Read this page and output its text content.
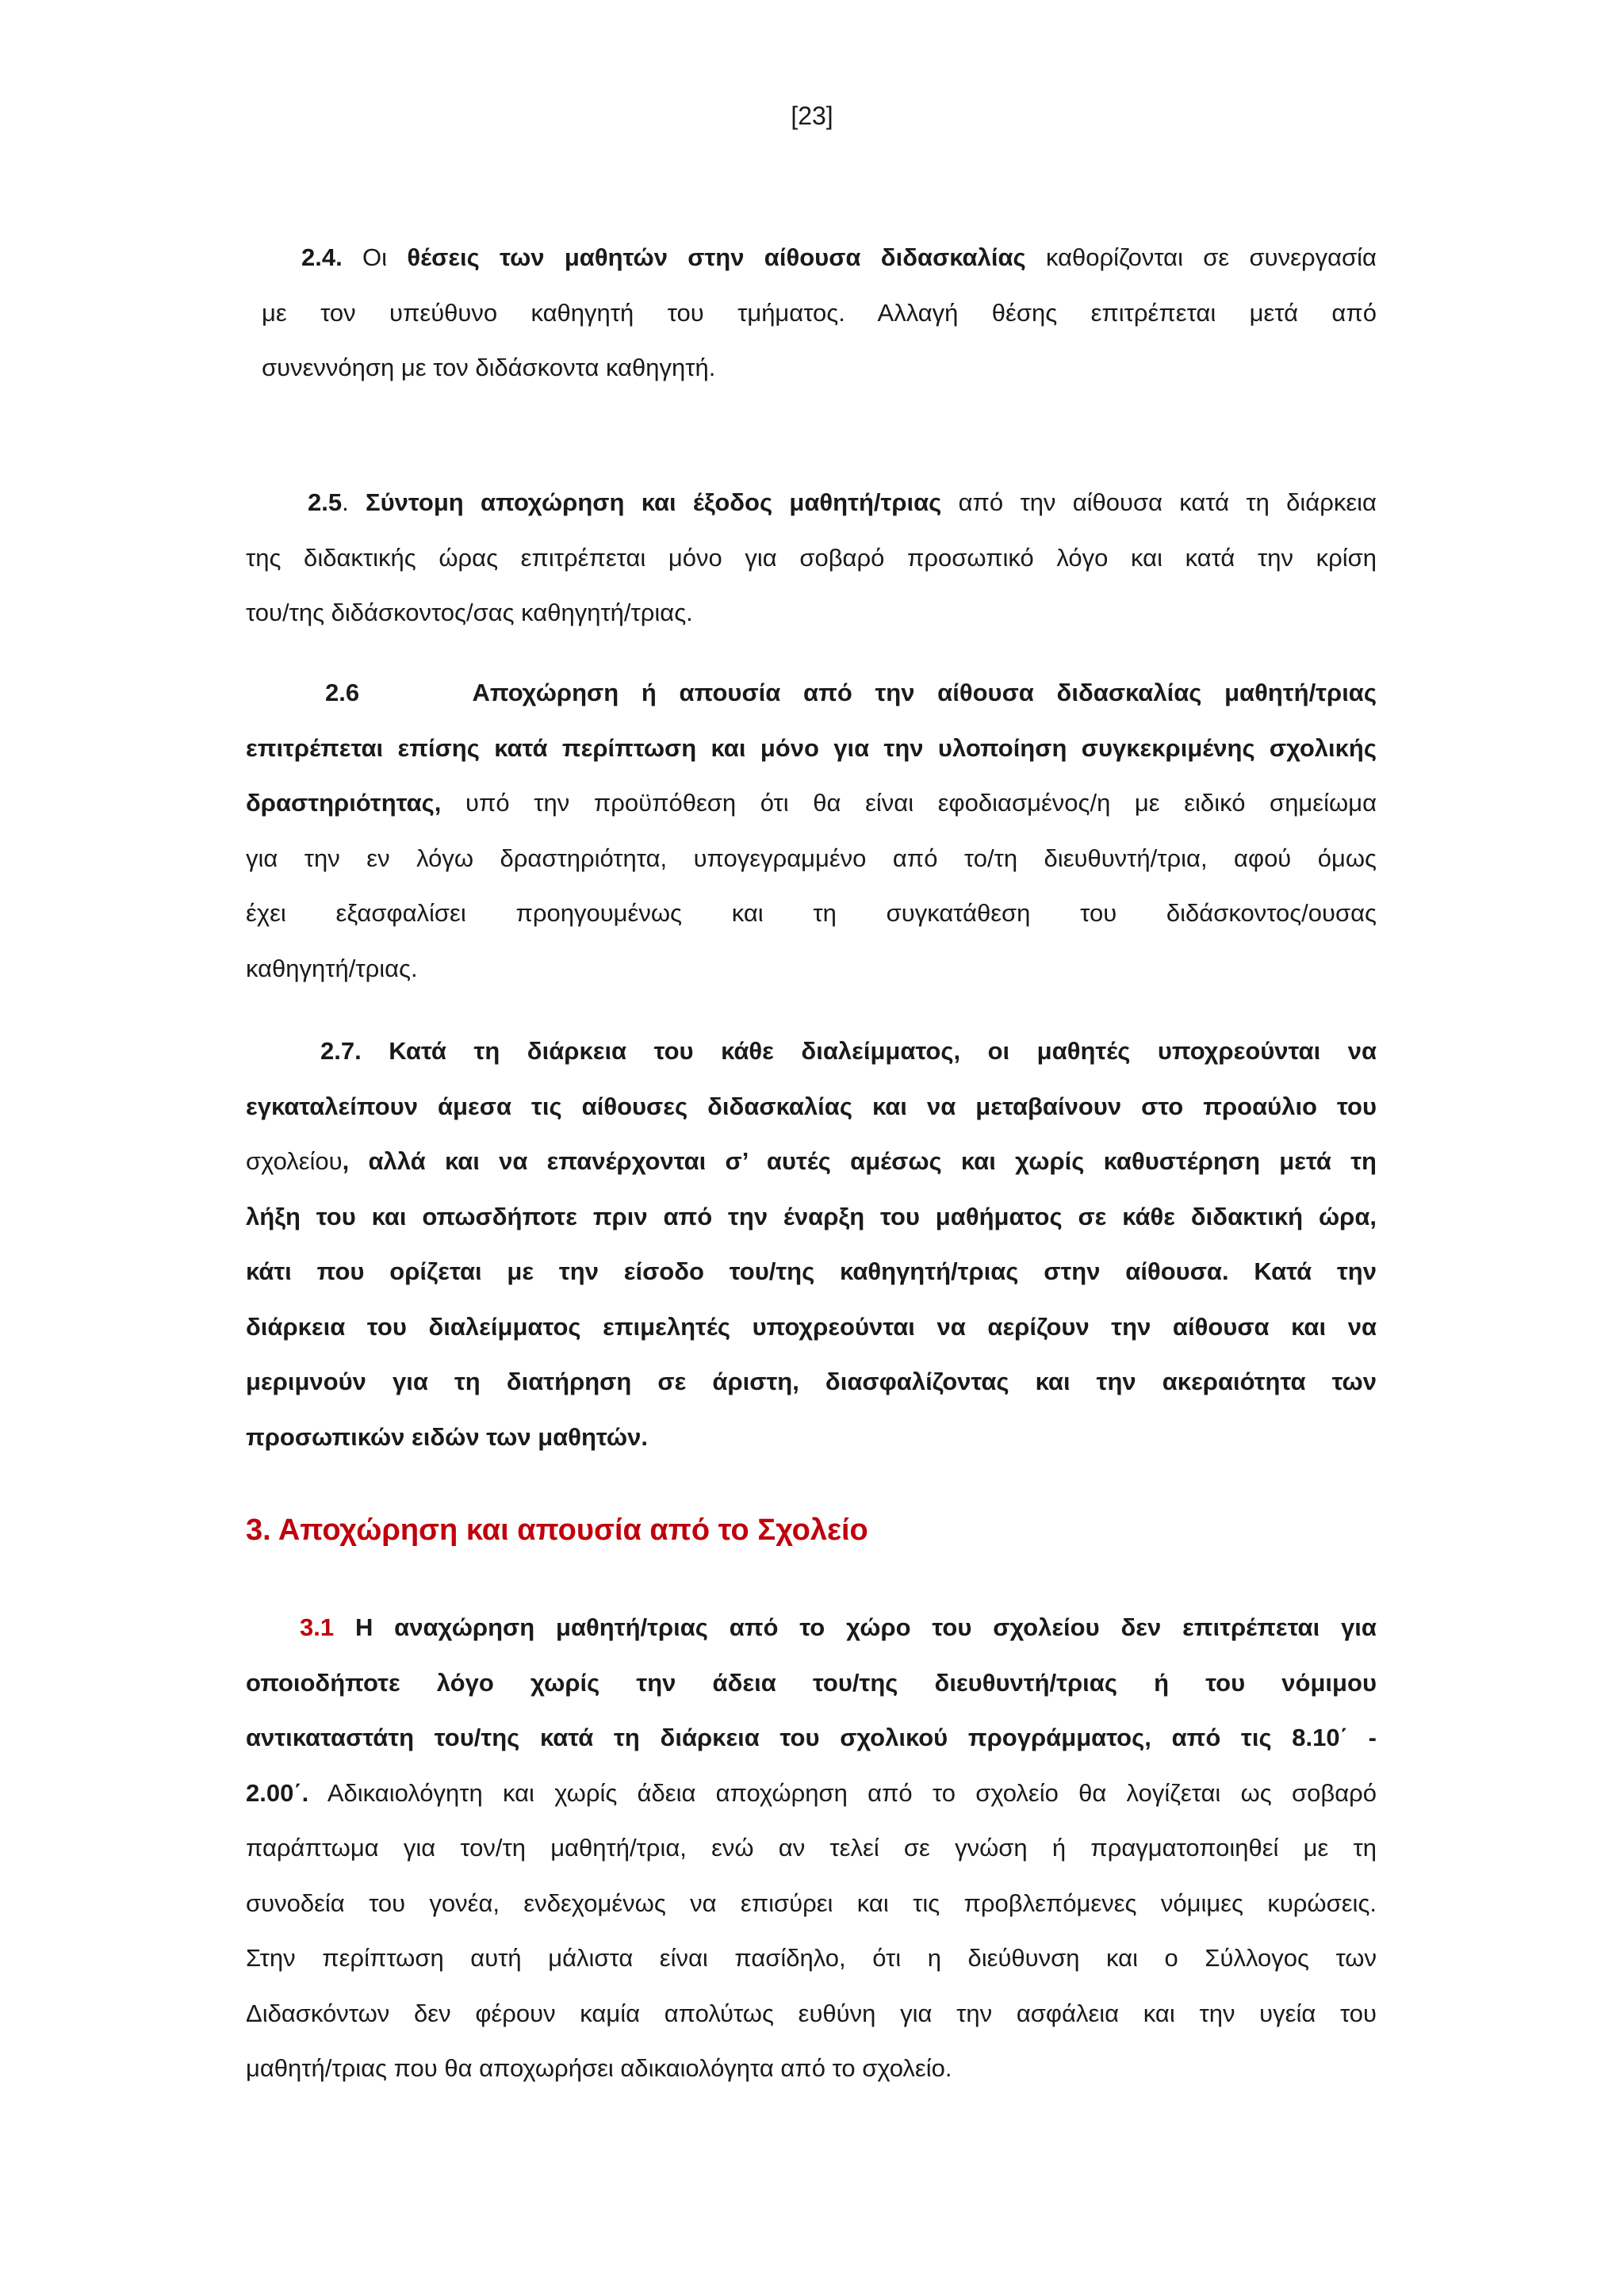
[23]
2.4. Οι θέσεις των μαθητών στην αίθουσα διδασκαλίας καθορίζονται σε συνεργασία
με τον υπεύθυνο καθηγητή του τμήματος. Αλλαγή θέσης επιτρέπεται μετά από
συνεννόηση με τον διδάσκοντα καθηγητή.
2.5. Σύντομη αποχώρηση και έξοδος μαθητή/τριας από την αίθουσα κατά τη διάρκεια
της διδακτικής ώρας επιτρέπεται μόνο για σοβαρό προσωπικό λόγο και κατά την κρίση
του/της διδάσκοντος/σας καθηγητή/τριας.
2.6     Αποχώρηση ή απουσία από την αίθουσα διδασκαλίας μαθητή/τριας
επιτρέπεται επίσης κατά περίπτωση και μόνο για την υλοποίηση συγκεκριμένης σχολικής
δραστηριότητας, υπό την προϋπόθεση ότι θα είναι εφοδιασμένος/η με ειδικό σημείωμα
για την εν λόγω δραστηριότητα, υπογεγραμμένο από το/τη διευθυντή/τρια, αφού όμως
έχει εξασφαλίσει προηγουμένως και τη συγκατάθεση του διδάσκοντος/ουσας
καθηγητή/τριας.
2.7. Κατά τη διάρκεια του κάθε διαλείμματος, οι μαθητές υποχρεούνται να
εγκαταλείπουν άμεσα τις αίθουσες διδασκαλίας και να μεταβαίνουν στο προαύλιο του
σχολείου, αλλά και να επανέρχονται σ’ αυτές αμέσως και χωρίς καθυστέρηση μετά τη
λήξη του και οπωσδήποτε πριν από την έναρξη του μαθήματος σε κάθε διδακτική ώρα,
κάτι που ορίζεται με την είσοδο του/της καθηγητή/τριας στην αίθουσα. Κατά την
διάρκεια του διαλείμματος επιμελητές υποχρεούνται να αερίζουν την αίθουσα και να
μεριμνούν για τη διατήρηση σε άριστη, διασφαλίζοντας και την ακεραιότητα των
προσωπικών ειδών των μαθητών.
3. Αποχώρηση και απουσία από το Σχολείο
3.1 Η αναχώρηση μαθητή/τριας από το χώρο του σχολείου δεν επιτρέπεται για
οποιοδήποτε λόγο χωρίς την άδεια του/της διευθυντή/τριας ή του νόμιμου
αντικαταστάτη του/της κατά τη διάρκεια του σχολικού προγράμματος, από τις 8.10΄ -
2.00΄. Αδικαιολόγητη και χωρίς άδεια αποχώρηση από το σχολείο θα λογίζεται ως σοβαρό
παράπτωμα για τον/τη μαθητή/τρια, ενώ αν τελεί σε γνώση ή πραγματοποιηθεί με τη
συνοδεία του γονέα, ενδεχομένως να επισύρει και τις προβλεπόμενες νόμιμες κυρώσεις.
Στην περίπτωση αυτή μάλιστα είναι πασίδηλο, ότι η διεύθυνση και ο Σύλλογος των
Διδασκόντων δεν φέρουν καμία απολύτως ευθύνη για την ασφάλεια και την υγεία του
μαθητή/τριας που θα αποχωρήσει αδικαιολόγητα από το σχολείο.
